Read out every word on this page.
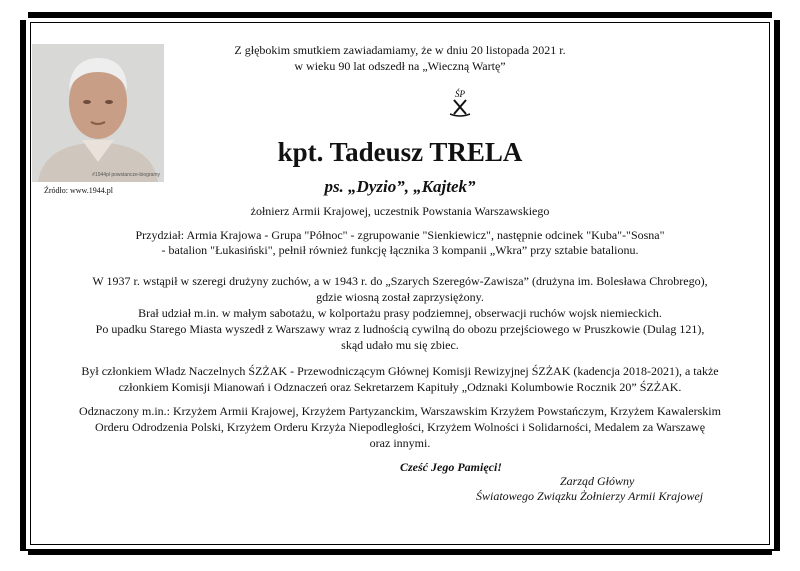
#1944pl powstancze-biogramy
Źródło: www.1944.pl
Z głębokim smutkiem zawiadamiamy, że w dniu 20 listopada 2021 r.
w wieku 90 lat odszedł na „Wieczną Wartę”
ŚP
kpt. Tadeusz TRELA
ps. „Dyzio”, „Kajtek”
żołnierz Armii Krajowej, uczestnik Powstania Warszawskiego
Przydział: Armia Krajowa - Grupa "Północ" - zgrupowanie "Sienkiewicz", następnie odcinek "Kuba"-"Sosna"
- batalion "Łukasiński", pełnił również funkcję łącznika 3 kompanii „Wkra” przy sztabie batalionu.
W 1937 r. wstąpił w szeregi drużyny zuchów, a w 1943 r. do „Szarych Szeregów-Zawisza” (drużyna im. Bolesława Chrobrego),
gdzie wiosną został zaprzysiężony.
Brał udział m.in. w małym sabotażu, w kolportażu prasy podziemnej, obserwacji ruchów wojsk niemieckich.
Po upadku Starego Miasta wyszedł z Warszawy wraz z ludnością cywilną do obozu przejściowego w Pruszkowie (Dulag 121),
skąd udało mu się zbiec.
Był członkiem Władz Naczelnych ŚZŻAK - Przewodniczącym Głównej Komisji Rewizyjnej ŚZŻAK (kadencja 2018-2021), a także
członkiem Komisji Mianowań i Odznaczeń oraz Sekretarzem Kapituły „Odznaki Kolumbowie Rocznik 20” ŚZŻAK.
Odznaczony m.in.: Krzyżem Armii Krajowej, Krzyżem Partyzanckim, Warszawskim Krzyżem Powstańczym, Krzyżem Kawalerskim
Orderu Odrodzenia Polski, Krzyżem Orderu Krzyża Niepodległości, Krzyżem Wolności i Solidarności, Medalem za Warszawę
oraz innymi.
Cześć Jego Pamięci!
Zarząd Główny
Światowego Związku Żołnierzy Armii Krajowej
